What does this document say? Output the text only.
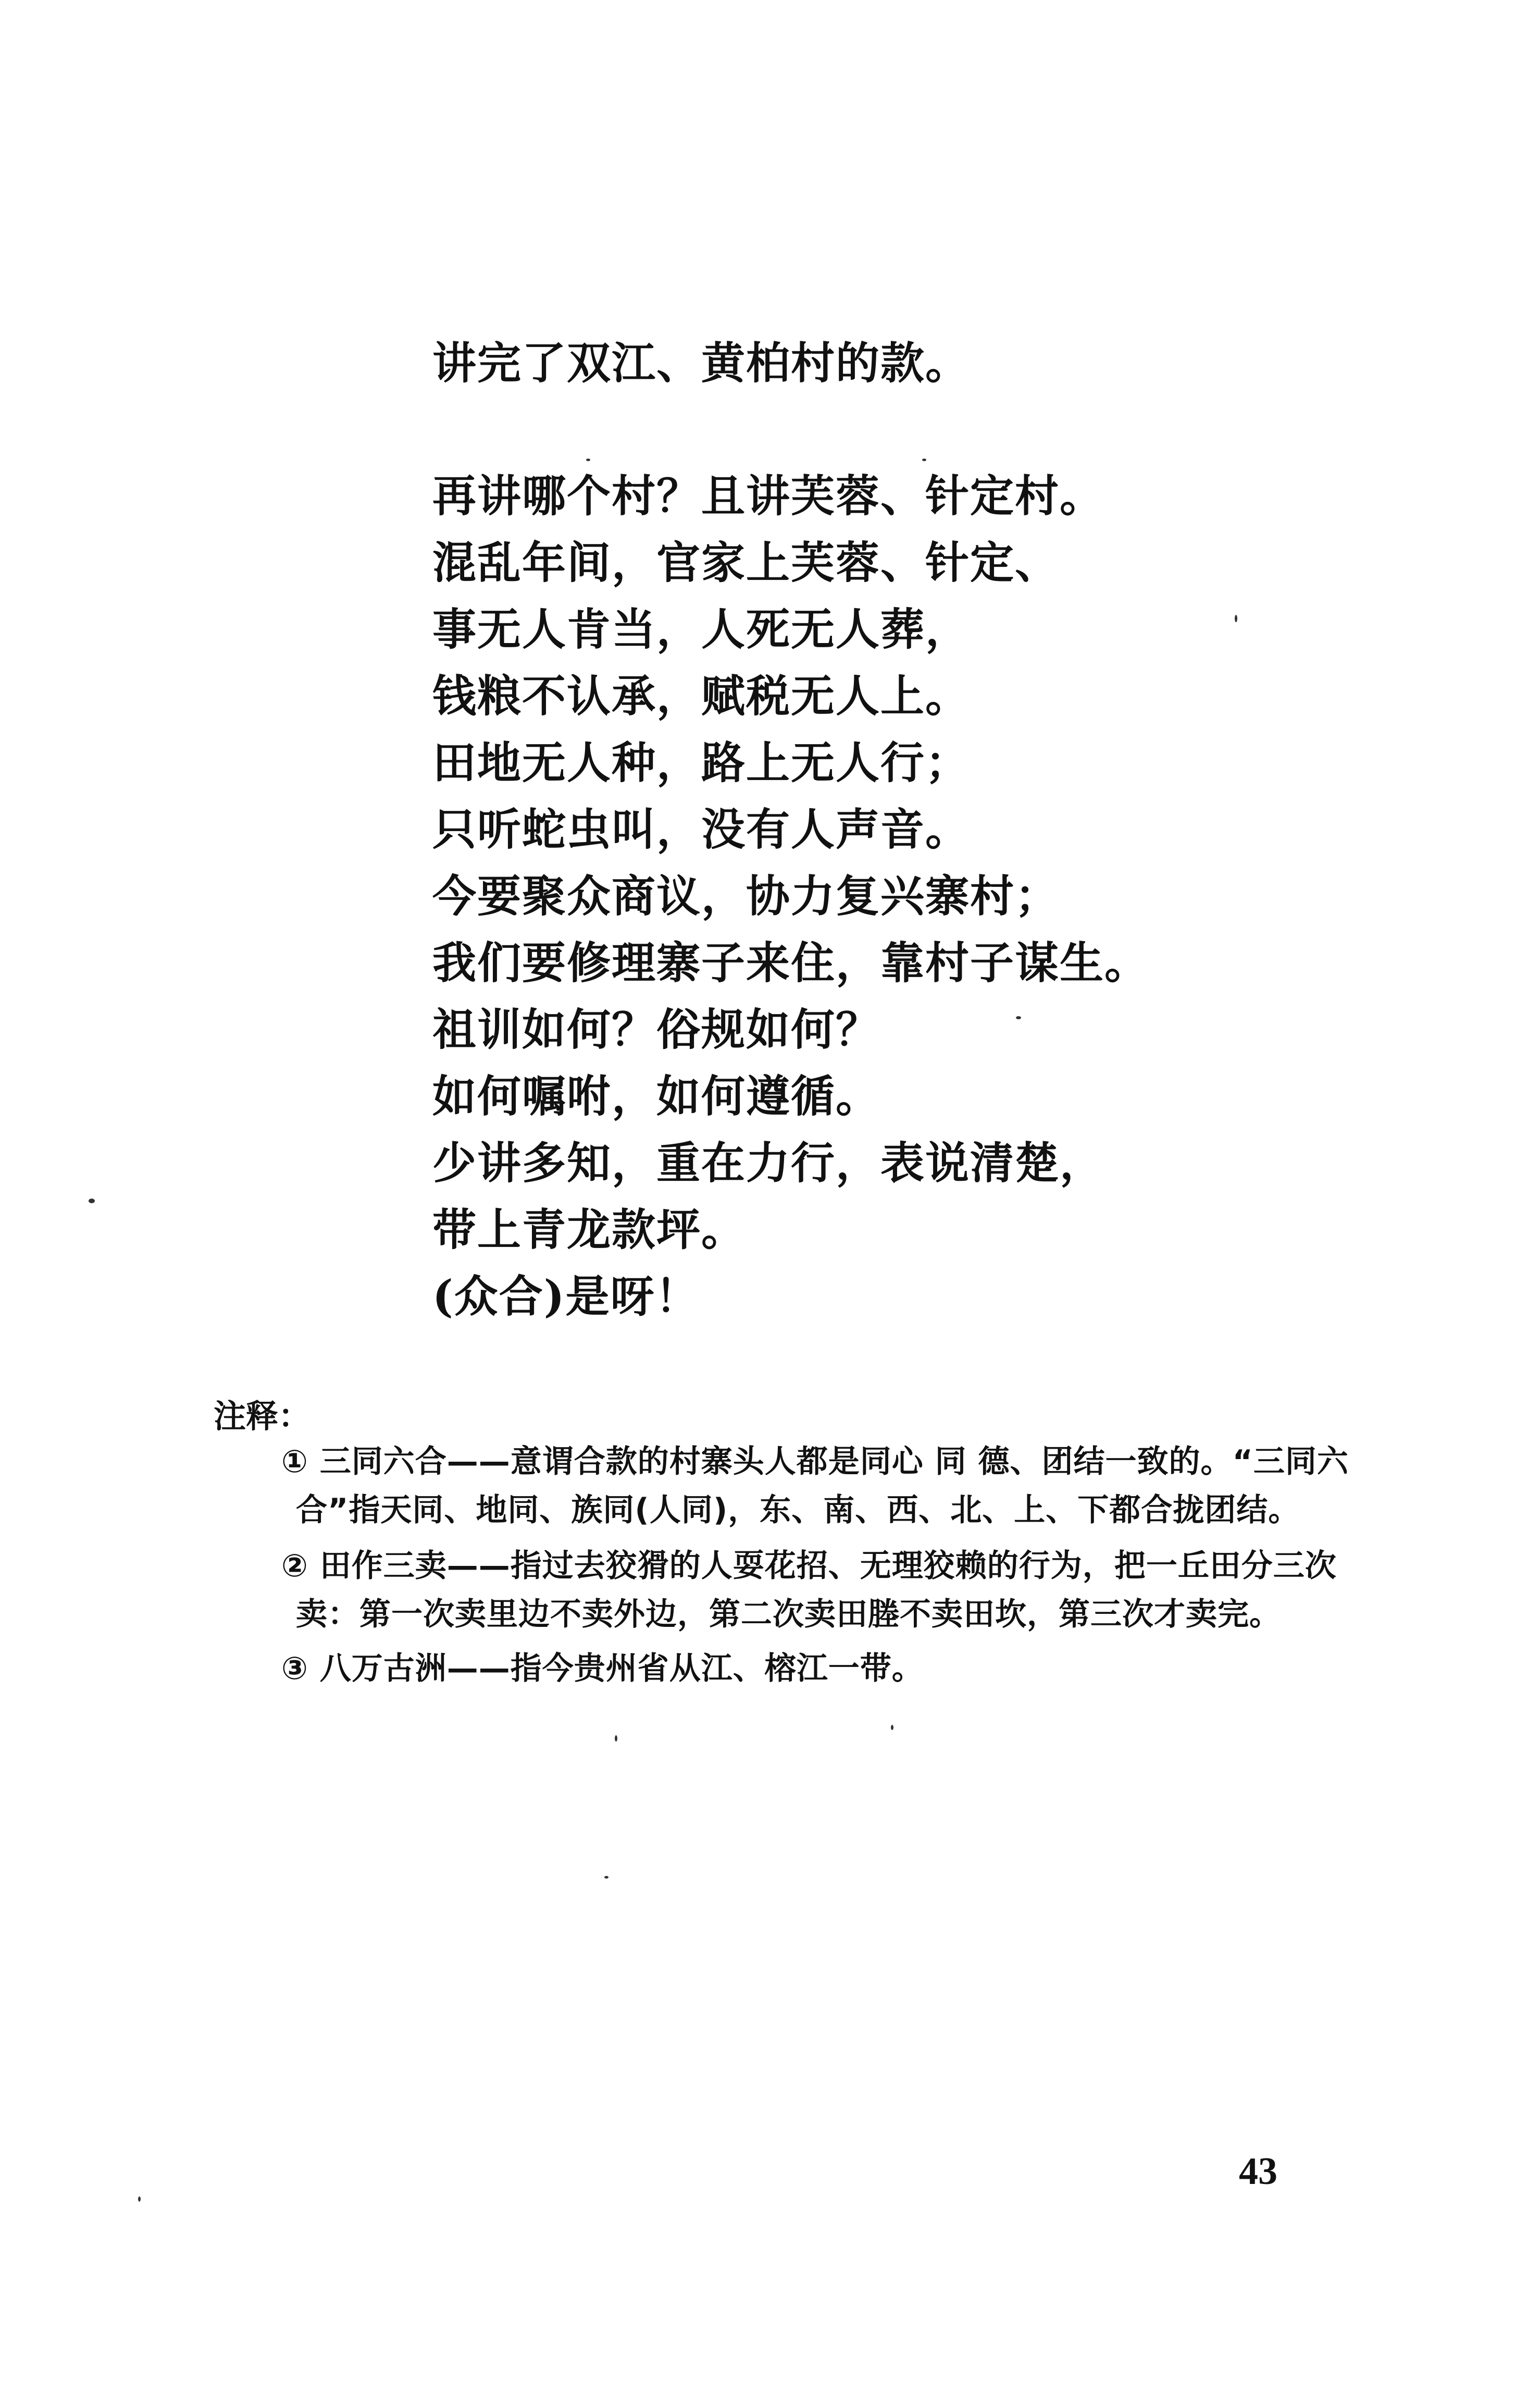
讲完了双江、黄柏村的款。
再讲哪个村？且讲芙蓉、针定村。
混乱年间，官家上芙蓉、针定、
事无人肯当，人死无人葬，
钱粮不认承，赋税无人上。
田地无人种，路上无人行；
只听蛇虫叫，没有人声音。
今要聚众商议，协力复兴寨村；
我们要修理寨子来住，靠村子谋生。
祖训如何？俗规如何？
如何嘱咐，如何遵循。
少讲多知，重在力行，表说清楚，
带上青龙款坪。
(众合)是呀！
注释：
① 三同六合——意谓合款的村寨头人都是同心 同 德、团结一致的。“三同六
合”指天同、地同、族同(人同)，东、南、西、北、上、下都合拢团结。
② 田作三卖——指过去狡猾的人耍花招、无理狡赖的行为，把一丘田分三次
卖：第一次卖里边不卖外边，第二次卖田塍不卖田坎，第三次才卖完。
③ 八万古洲——指今贵州省从江、榕江一带。
43
